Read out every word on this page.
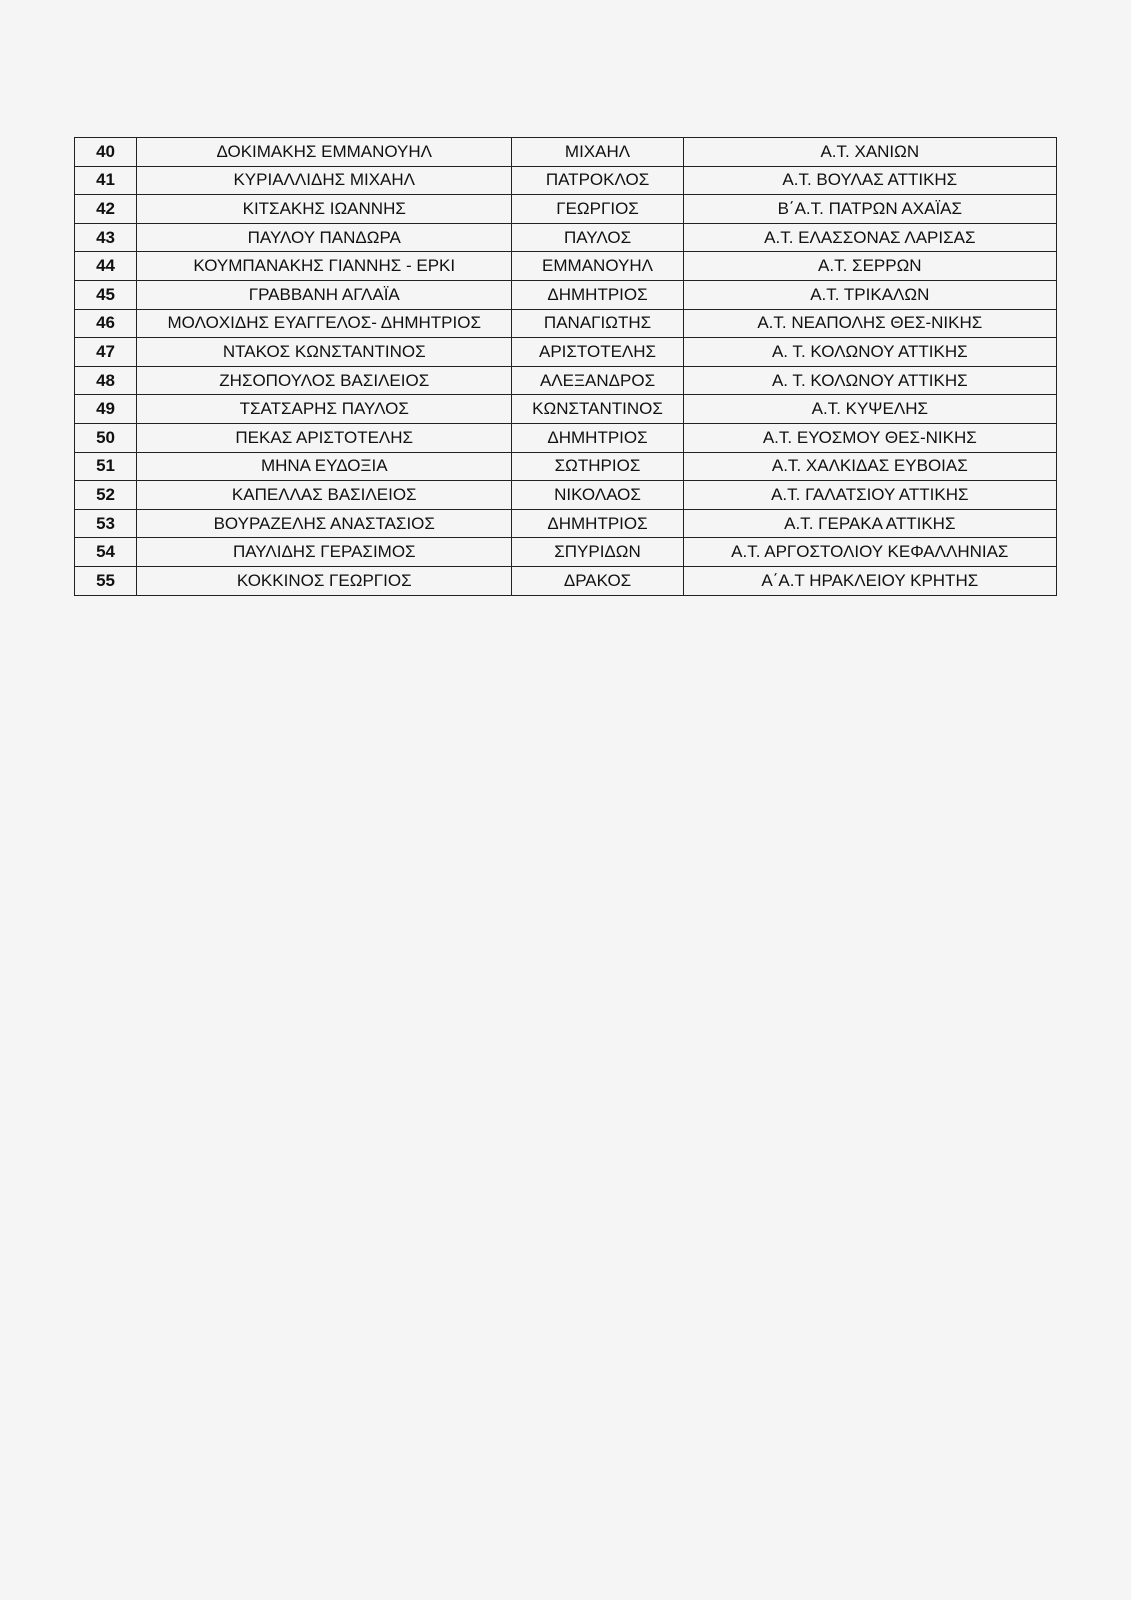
40	ΔΟΚΙΜΑΚΗΣ ΕΜΜΑΝΟΥΗΛ	ΜΙΧΑΗΛ	Α.Τ. ΧΑΝΙΩΝ
41	ΚΥΡΙΑΛΛΙΔΗΣ ΜΙΧΑΗΛ	ΠΑΤΡΟΚΛΟΣ	Α.Τ. ΒΟΥΛΑΣ ΑΤΤΙΚΗΣ
42	ΚΙΤΣΑΚΗΣ ΙΩΑΝΝΗΣ	ΓΕΩΡΓΙΟΣ	Β΄Α.Τ. ΠΑΤΡΩΝ ΑΧΑΪΑΣ
43	ΠΑΥΛΟΥ ΠΑΝΔΩΡΑ	ΠΑΥΛΟΣ	Α.Τ. ΕΛΑΣΣΟΝΑΣ ΛΑΡΙΣΑΣ
44	ΚΟΥΜΠΑΝΑΚΗΣ ΓΙΑΝΝΗΣ - ΕΡΚΙ	ΕΜΜΑΝΟΥΗΛ	Α.Τ. ΣΕΡΡΩΝ
45	ΓΡΑΒΒΑΝΗ ΑΓΛΑΪΑ	ΔΗΜΗΤΡΙΟΣ	Α.Τ. ΤΡΙΚΑΛΩΝ
46	ΜΟΛΟΧΙΔΗΣ ΕΥΑΓΓΕΛΟΣ- ΔΗΜΗΤΡΙΟΣ	ΠΑΝΑΓΙΩΤΗΣ	Α.Τ. ΝΕΑΠΟΛΗΣ ΘΕΣ-ΝΙΚΗΣ
47	ΝΤΑΚΟΣ ΚΩΝΣΤΑΝΤΙΝΟΣ	ΑΡΙΣΤΟΤΕΛΗΣ	Α. Τ. ΚΟΛΩΝΟΥ ΑΤΤΙΚΗΣ
48	ΖΗΣΟΠΟΥΛΟΣ ΒΑΣΙΛΕΙΟΣ	ΑΛΕΞΑΝΔΡΟΣ	Α. Τ. ΚΟΛΩΝΟΥ ΑΤΤΙΚΗΣ
49	ΤΣΑΤΣΑΡΗΣ ΠΑΥΛΟΣ	ΚΩΝΣΤΑΝΤΙΝΟΣ	Α.Τ. ΚΥΨΕΛΗΣ
50	ΠΕΚΑΣ ΑΡΙΣΤΟΤΕΛΗΣ	ΔΗΜΗΤΡΙΟΣ	Α.Τ. ΕΥΟΣΜΟΥ ΘΕΣ-ΝΙΚΗΣ
51	ΜΗΝΑ ΕΥΔΟΞΙΑ	ΣΩΤΗΡΙΟΣ	Α.Τ. ΧΑΛΚΙΔΑΣ ΕΥΒΟΙΑΣ
52	ΚΑΠΕΛΛΑΣ ΒΑΣΙΛΕΙΟΣ	ΝΙΚΟΛΑΟΣ	Α.Τ. ΓΑΛΑΤΣΙΟΥ ΑΤΤΙΚΗΣ
53	ΒΟΥΡΑΖΕΛΗΣ ΑΝΑΣΤΑΣΙΟΣ	ΔΗΜΗΤΡΙΟΣ	Α.Τ. ΓΕΡΑΚΑ ΑΤΤΙΚΗΣ
54	ΠΑΥΛΙΔΗΣ ΓΕΡΑΣΙΜΟΣ	ΣΠΥΡΙΔΩΝ	Α.Τ. ΑΡΓΟΣΤΟΛΙΟΥ ΚΕΦΑΛΛΗΝΙΑΣ
55	ΚΟΚΚΙΝΟΣ ΓΕΩΡΓΙΟΣ	ΔΡΑΚΟΣ	Α΄Α.Τ ΗΡΑΚΛΕΙΟΥ ΚΡΗΤΗΣ
